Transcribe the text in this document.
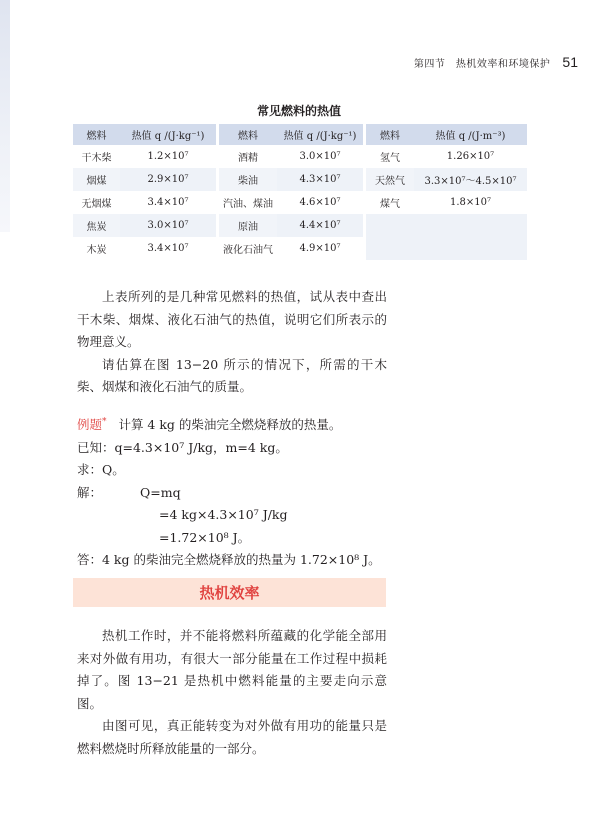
第四节　热机效率和环境保护 51
常见燃料的热值
燃料	热值 q /(J·kg⁻¹)		燃料	热值 q /(J·kg⁻¹)		燃料	热值 q /(J·m⁻³)
干木柴	1.2×10⁷		酒精	3.0×10⁷		氢气	1.26×10⁷
烟煤	2.9×10⁷		柴油	4.3×10⁷		天然气	3.3×10⁷～4.5×10⁷
无烟煤	3.4×10⁷		汽油、煤油	4.6×10⁷		煤气	1.8×10⁷
焦炭	3.0×10⁷		原油	4.4×10⁷			
木炭	3.4×10⁷		液化石油气	4.9×10⁷			

上表所列的是几种常见燃料的热值，试从表中查出干木柴、烟煤、液化石油气的热值，说明它们所表示的物理意义。

请估算在图 13−20 所示的情况下，所需的干木柴、烟煤和液化石油气的质量。

例题* 计算 4 kg 的柴油完全燃烧释放的热量。
已知：q=4.3×10⁷ J/kg，m=4 kg。
求：Q。
解：	Q=mq
=4 kg×4.3×10⁷ J/kg
=1.72×10⁸ J。
答：4 kg 的柴油完全燃烧释放的热量为 1.72×10⁸ J。
热机效率

热机工作时，并不能将燃料所蕴藏的化学能全部用来对外做有用功，有很大一部分能量在工作过程中损耗掉了。图 13−21 是热机中燃料能量的主要走向示意图。

由图可见，真正能转变为对外做有用功的能量只是燃料燃烧时所释放能量的一部分。
